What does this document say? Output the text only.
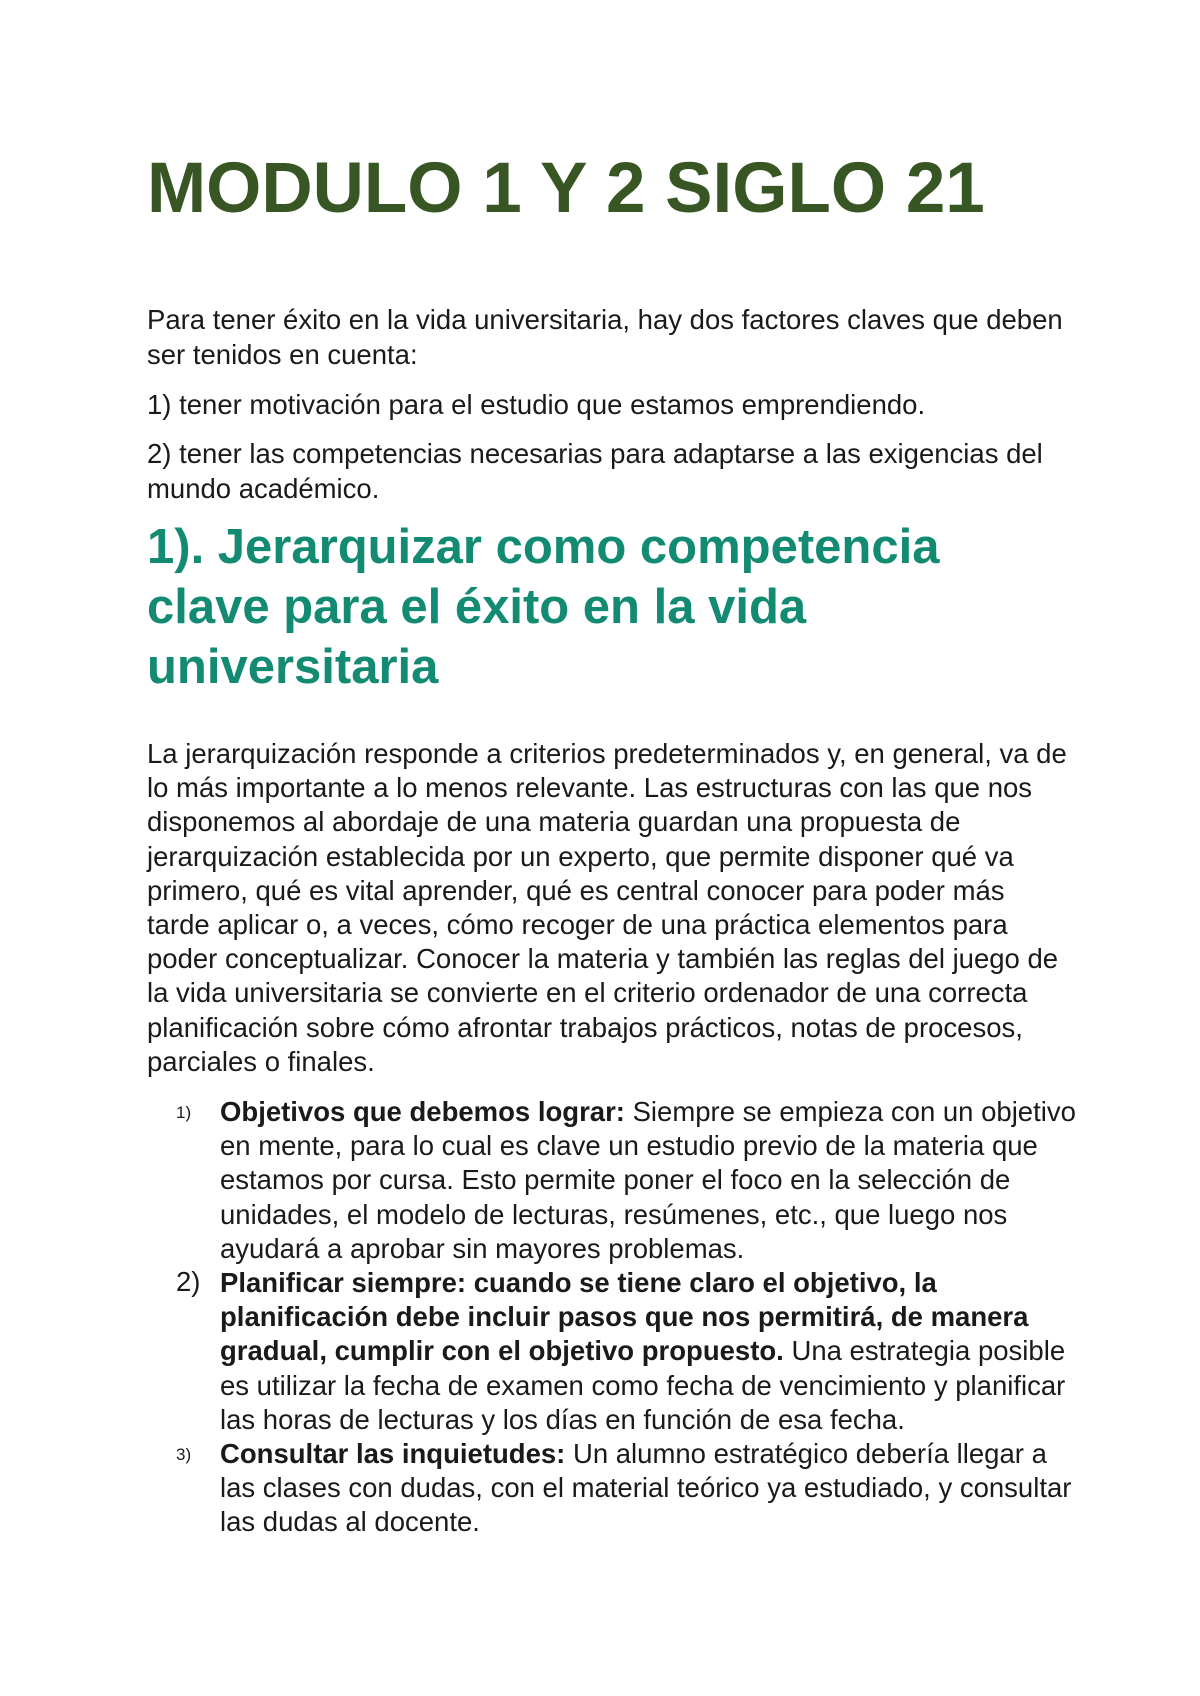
MODULO 1 Y 2 SIGLO 21

Para tener éxito en la vida universitaria, hay dos factores claves que deben ser tenidos en cuenta:

1) tener motivación para el estudio que estamos emprendiendo.

2) tener las competencias necesarias para adaptarse a las exigencias del mundo académico.

1). Jerarquizar como competencia clave para el éxito en la vida universitaria

La jerarquización responde a criterios predeterminados y, en general, va de lo más importante a lo menos relevante. Las estructuras con las que nos disponemos al abordaje de una materia guardan una propuesta de jerarquización establecida por un experto, que permite disponer qué va primero, qué es vital aprender, qué es central conocer para poder más tarde aplicar o, a veces, cómo recoger de una práctica elementos para poder conceptualizar. Conocer la materia y también las reglas del juego de la vida universitaria se convierte en el criterio ordenador de una correcta planificación sobre cómo afrontar trabajos prácticos, notas de procesos, parciales o finales.

1) Objetivos que debemos lograr: Siempre se empieza con un objetivo en mente, para lo cual es clave un estudio previo de la materia que estamos por cursa. Esto permite poner el foco en la selección de unidades, el modelo de lecturas, resúmenes, etc., que luego nos ayudará a aprobar sin mayores problemas.
2) Planificar siempre: cuando se tiene claro el objetivo, la planificación debe incluir pasos que nos permitirá, de manera gradual, cumplir con el objetivo propuesto. Una estrategia posible es utilizar la fecha de examen como fecha de vencimiento y planificar las horas de lecturas y los días en función de esa fecha.
3) Consultar las inquietudes: Un alumno estratégico debería llegar a las clases con dudas, con el material teórico ya estudiado, y consultar las dudas al docente.
